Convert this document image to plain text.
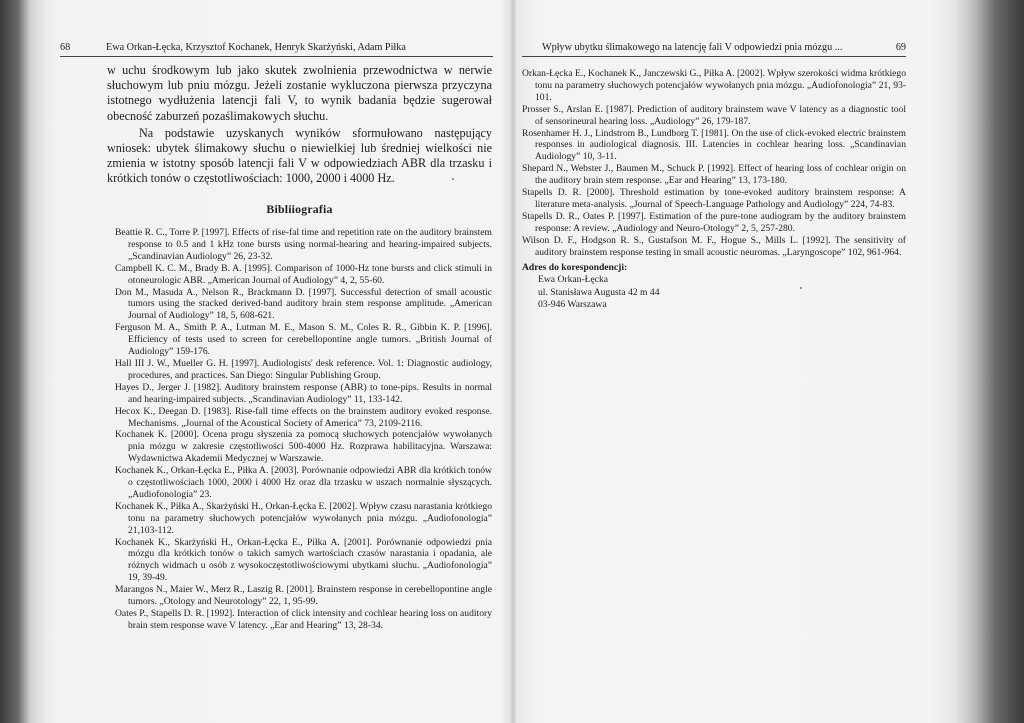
68	Ewa Orkan-Łęcka, Krzysztof Kochanek, Henryk Skarżyński, Adam Piłka

w uchu środkowym lub jako skutek zwolnienia przewodnictwa w nerwie słuchowym lub pniu mózgu. Jeżeli zostanie wykluczona pierwsza przyczyna istotnego wydłużenia latencji fali V, to wynik badania będzie sugerował obecność zaburzeń pozaślimakowych słuchu.

Na podstawie uzyskanych wyników sformułowano następujący wniosek: ubytek ślimakowy słuchu o niewielkiej lub średniej wielkości nie zmienia w istotny sposób latencji fali V w odpowiedziach ABR dla trzasku i krótkich tonów o częstotliwościach: 1000, 2000 i 4000 Hz.

Bibliiografia

Beattie R. C., Torre P. [1997]. Effects of rise-fal time and repetition rate on the auditory brainstem response to 0.5 and 1 kHz tone bursts using normal-hearing and hearing-impaired subjects. „Scandinavian Audiology” 26, 23-32.

Campbell K. C. M., Brady B. A. [1995]. Comparison of 1000-Hz tone bursts and click stimuli in otoneurologic ABR. „American Journal of Audiology” 4, 2, 55-60.

Don M., Masuda A., Nelson R., Brackmann D. [1997]. Successful detection of small acoustic tumors using the stacked derived-band auditory brain stem response amplitude. „American Journal of Audiology” 18, 5, 608-621.

Ferguson M. A., Smith P. A., Lutman M. E., Mason S. M., Coles R. R., Gibbin K. P. [1996]. Efficiency of tests used to screen for cerebellopontine angle tumors. „British Journal of Audiology” 159-176.

Hall III J. W., Mueller G. H. [1997]. Audiologists' desk reference. Vol. 1: Diagnostic audiology, procedures, and practices. San Diego: Singular Publishing Group.

Hayes D., Jerger J. [1982]. Auditory brainstem response (ABR) to tone-pips. Results in normal and hearing-impaired subjects. „Scandinavian Audiology” 11, 133-142.

Hecox K., Deegan D. [1983]. Rise-fall time effects on the brainstem auditory evoked response. Mechanisms. „Journal of the Acoustical Society of America” 73, 2109-2116.

Kochanek K. [2000]. Ocena progu słyszenia za pomocą słuchowych potencjałów wywołanych pnia mózgu w zakresie częstotliwości 500-4000 Hz. Rozprawa habilitacyjna. Warszawa: Wydawnictwa Akademii Medycznej w Warszawie.

Kochanek K., Orkan-Łęcka E., Piłka A. [2003]. Porównanie odpowiedzi ABR dla krótkich tonów o częstotliwościach 1000, 2000 i 4000 Hz oraz dla trzasku w uszach normalnie słyszących. „Audiofonologia” 23.

Kochanek K., Piłka A., Skarżyński H., Orkan-Łęcka E. [2002]. Wpływ czasu narastania krótkiego tonu na parametry słuchowych potencjałów wywołanych pnia mózgu. „Audiofonologia” 21,103-112.

Kochanek K., Skarżyński H., Orkan-Łęcka E., Piłka A. [2001]. Porównanie odpowiedzi pnia mózgu dla krótkich tonów o takich samych wartościach czasów narastania i opadania, ale różnych widmach u osób z wysokoczęstotliwościowymi ubytkami słuchu. „Audiofonologia” 19, 39-49.

Marangos N., Maier W., Merz R., Laszig R. [2001]. Brainstem response in cerebellopontine angle tumors. „Otology and Neurotology” 22, 1, 95-99.

Oates P., Stapells D. R. [1992]. Interaction of click intensity and cochlear hearing loss on auditory brain stem response wave V latency. „Ear and Hearing” 13, 28-34.

Wpływ ubytku ślimakowego na latencję fali V odpowiedzi pnia mózgu ...	69

Orkan-Łęcka E., Kochanek K., Janczewski G., Piłka A. [2002]. Wpływ szerokości widma krótkiego tonu na parametry słuchowych potencjałów wywołanych pnia mózgu. „Audiofonologia” 21, 93-101.

Prosser S., Arslan E. [1987]. Prediction of auditory brainstem wave V latency as a diagnostic tool of sensorineural hearing loss. „Audiology” 26, 179-187.

Rosenhamer H. J., Lindstrom B., Lundborg T. [1981]. On the use of click-evoked electric brainstem responses in audiological diagnosis. III. Latencies in cochlear hearing loss. „Scandinavian Audiology” 10, 3-11.

Shepard N., Webster J., Baumen M., Schuck P. [1992]. Effect of hearing loss of cochlear origin on the auditory brain stem response. „Ear and Hearing” 13, 173-180.

Stapells D. R. [2000]. Threshold estimation by tone-evoked auditory brainstem response: A literature meta-analysis. „Journal of Speech-Language Pathology and Audiology” 224, 74-83.

Stapells D. R., Oates P. [1997]. Estimation of the pure-tone audiogram by the auditory brainstem response: A review. „Audiology and Neuro-Otology” 2, 5, 257-280.

Wilson D. F., Hodgson R. S., Gustafson M. F., Hogue S., Mills L. [1992]. The sensitivity of auditory brainstem response testing in small acoustic neuromas. „Laryngoscope” 102, 961-964.

Adres do korespondencji:
Ewa Orkan-Łęcka
ul. Stanisława Augusta 42 m 44
03-946 Warszawa
